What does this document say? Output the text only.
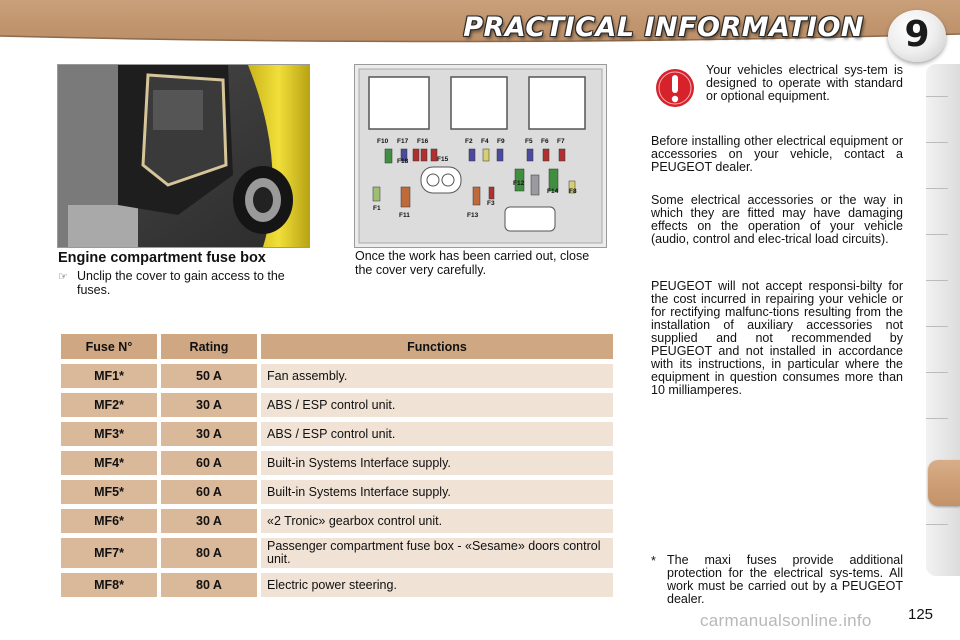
PRACTICAL INFORMATION	9
F10 F17 F16	F2 F4 F9	F5 F6 F7
F18	F15
F1
F11	F13
F3
F12
F14 F8
Engine compartment fuse box
☞ Unclip the cover to gain access to the fuses.
Once the work has been carried out, close the cover very carefully.
Fuse N°	Rating	Functions
MF1*	50 A	Fan assembly.
MF2*	30 A	ABS / ESP control unit.
MF3*	30 A	ABS / ESP control unit.
MF4*	60 A	Built-in Systems Interface supply.
MF5*	60 A	Built-in Systems Interface supply.
MF6*	30 A	«2 Tronic» gearbox control unit.
MF7*	80 A	Passenger compartment fuse box - «Sesame» doors control unit.
MF8*	80 A	Electric power steering.
Your vehicles electrical sys-tem is designed to operate with standard or optional equipment.
Before installing other electrical equipment or accessories on your vehicle, contact a PEUGEOT dealer.
Some electrical accessories or the way in which they are fitted may have damaging effects on the operation of your vehicle (audio, control and elec-trical load circuits).
PEUGEOT will not accept responsi-bilty for the cost incurred in repairing your vehicle or for rectifying malfunc-tions resulting from the installation of auxiliary accessories not supplied and not recommended by PEUGEOT and not installed in accordance with its instructions, in particular where the equipment in question consumes more than 10 milliamperes.
* The maxi fuses provide additional protection for the electrical sys-tems. All work must be carried out by a PEUGEOT dealer.
carmanualsonline.info 125
